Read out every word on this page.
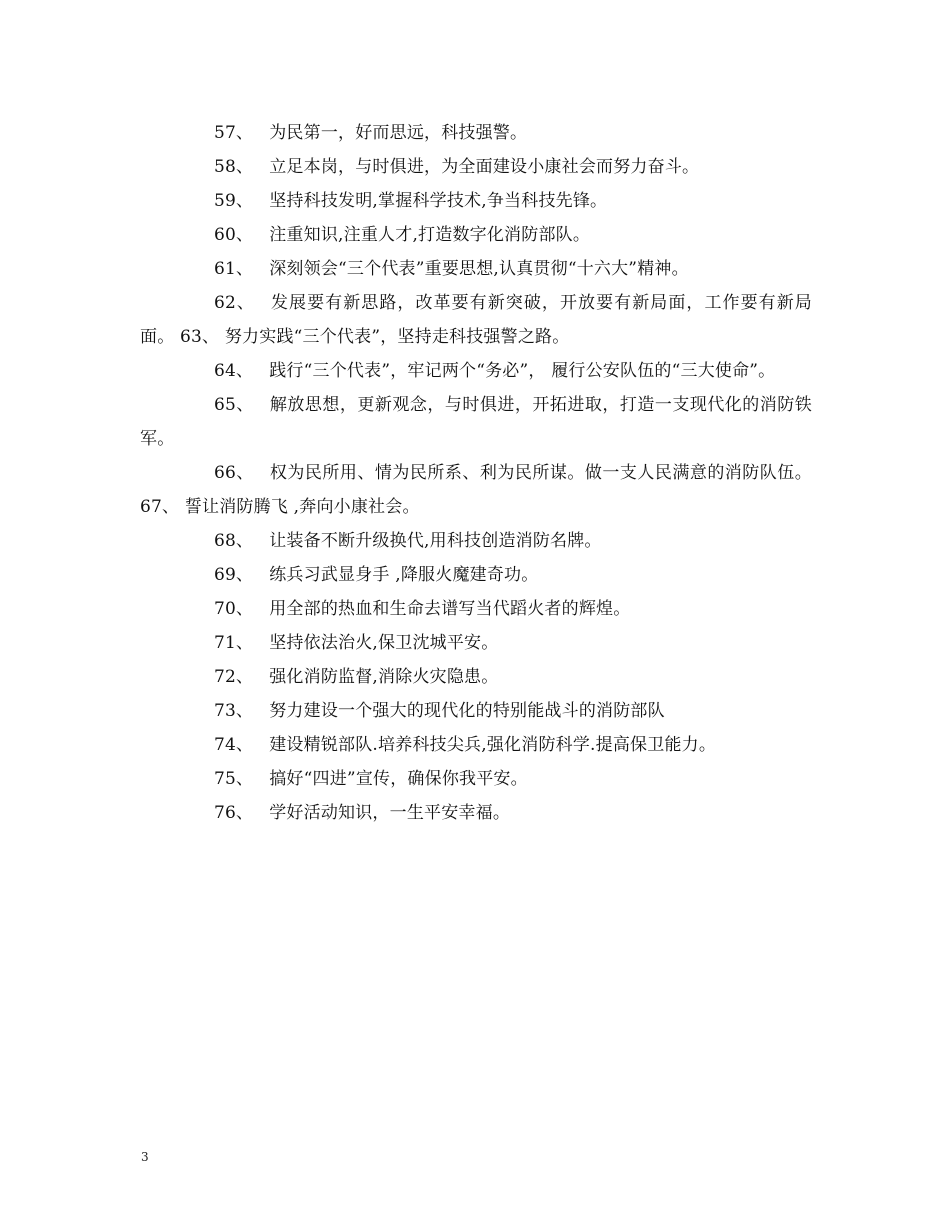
57、 为民第一，好而思远，科技强警。

58、 立足本岗，与时俱进，为全面建设小康社会而努力奋斗。

59、 坚持科技发明,掌握科学技术,争当科技先锋。

60、 注重知识,注重人才,打造数字化消防部队。

61、 深刻领会“三个代表”重要思想,认真贯彻“十六大”精神。

62、 发展要有新思路，改革要有新突破，开放要有新局面，工作要有新局面。 63、 努力实践“三个代表”，坚持走科技强警之路。

64、 践行“三个代表”，牢记两个“务必”， 履行公安队伍的“三大使命”。

65、 解放思想，更新观念，与时俱进，开拓进取，打造一支现代化的消防铁军。

66、 权为民所用、情为民所系、利为民所谋。做一支人民满意的消防队伍。 67、 誓让消防腾飞 ,奔向小康社会。

68、 让装备不断升级换代,用科技创造消防名牌。

69、 练兵习武显身手 ,降服火魔建奇功。

70、 用全部的热血和生命去谱写当代蹈火者的辉煌。

71、 坚持依法治火,保卫沈城平安。

72、 强化消防监督,消除火灾隐患。

73、 努力建设一个强大的现代化的特别能战斗的消防部队

74、 建设精锐部队.培养科技尖兵,强化消防科学.提高保卫能力。

75、 搞好“四进”宣传，确保你我平安。

76、 学好活动知识，一生平安幸福。

3
